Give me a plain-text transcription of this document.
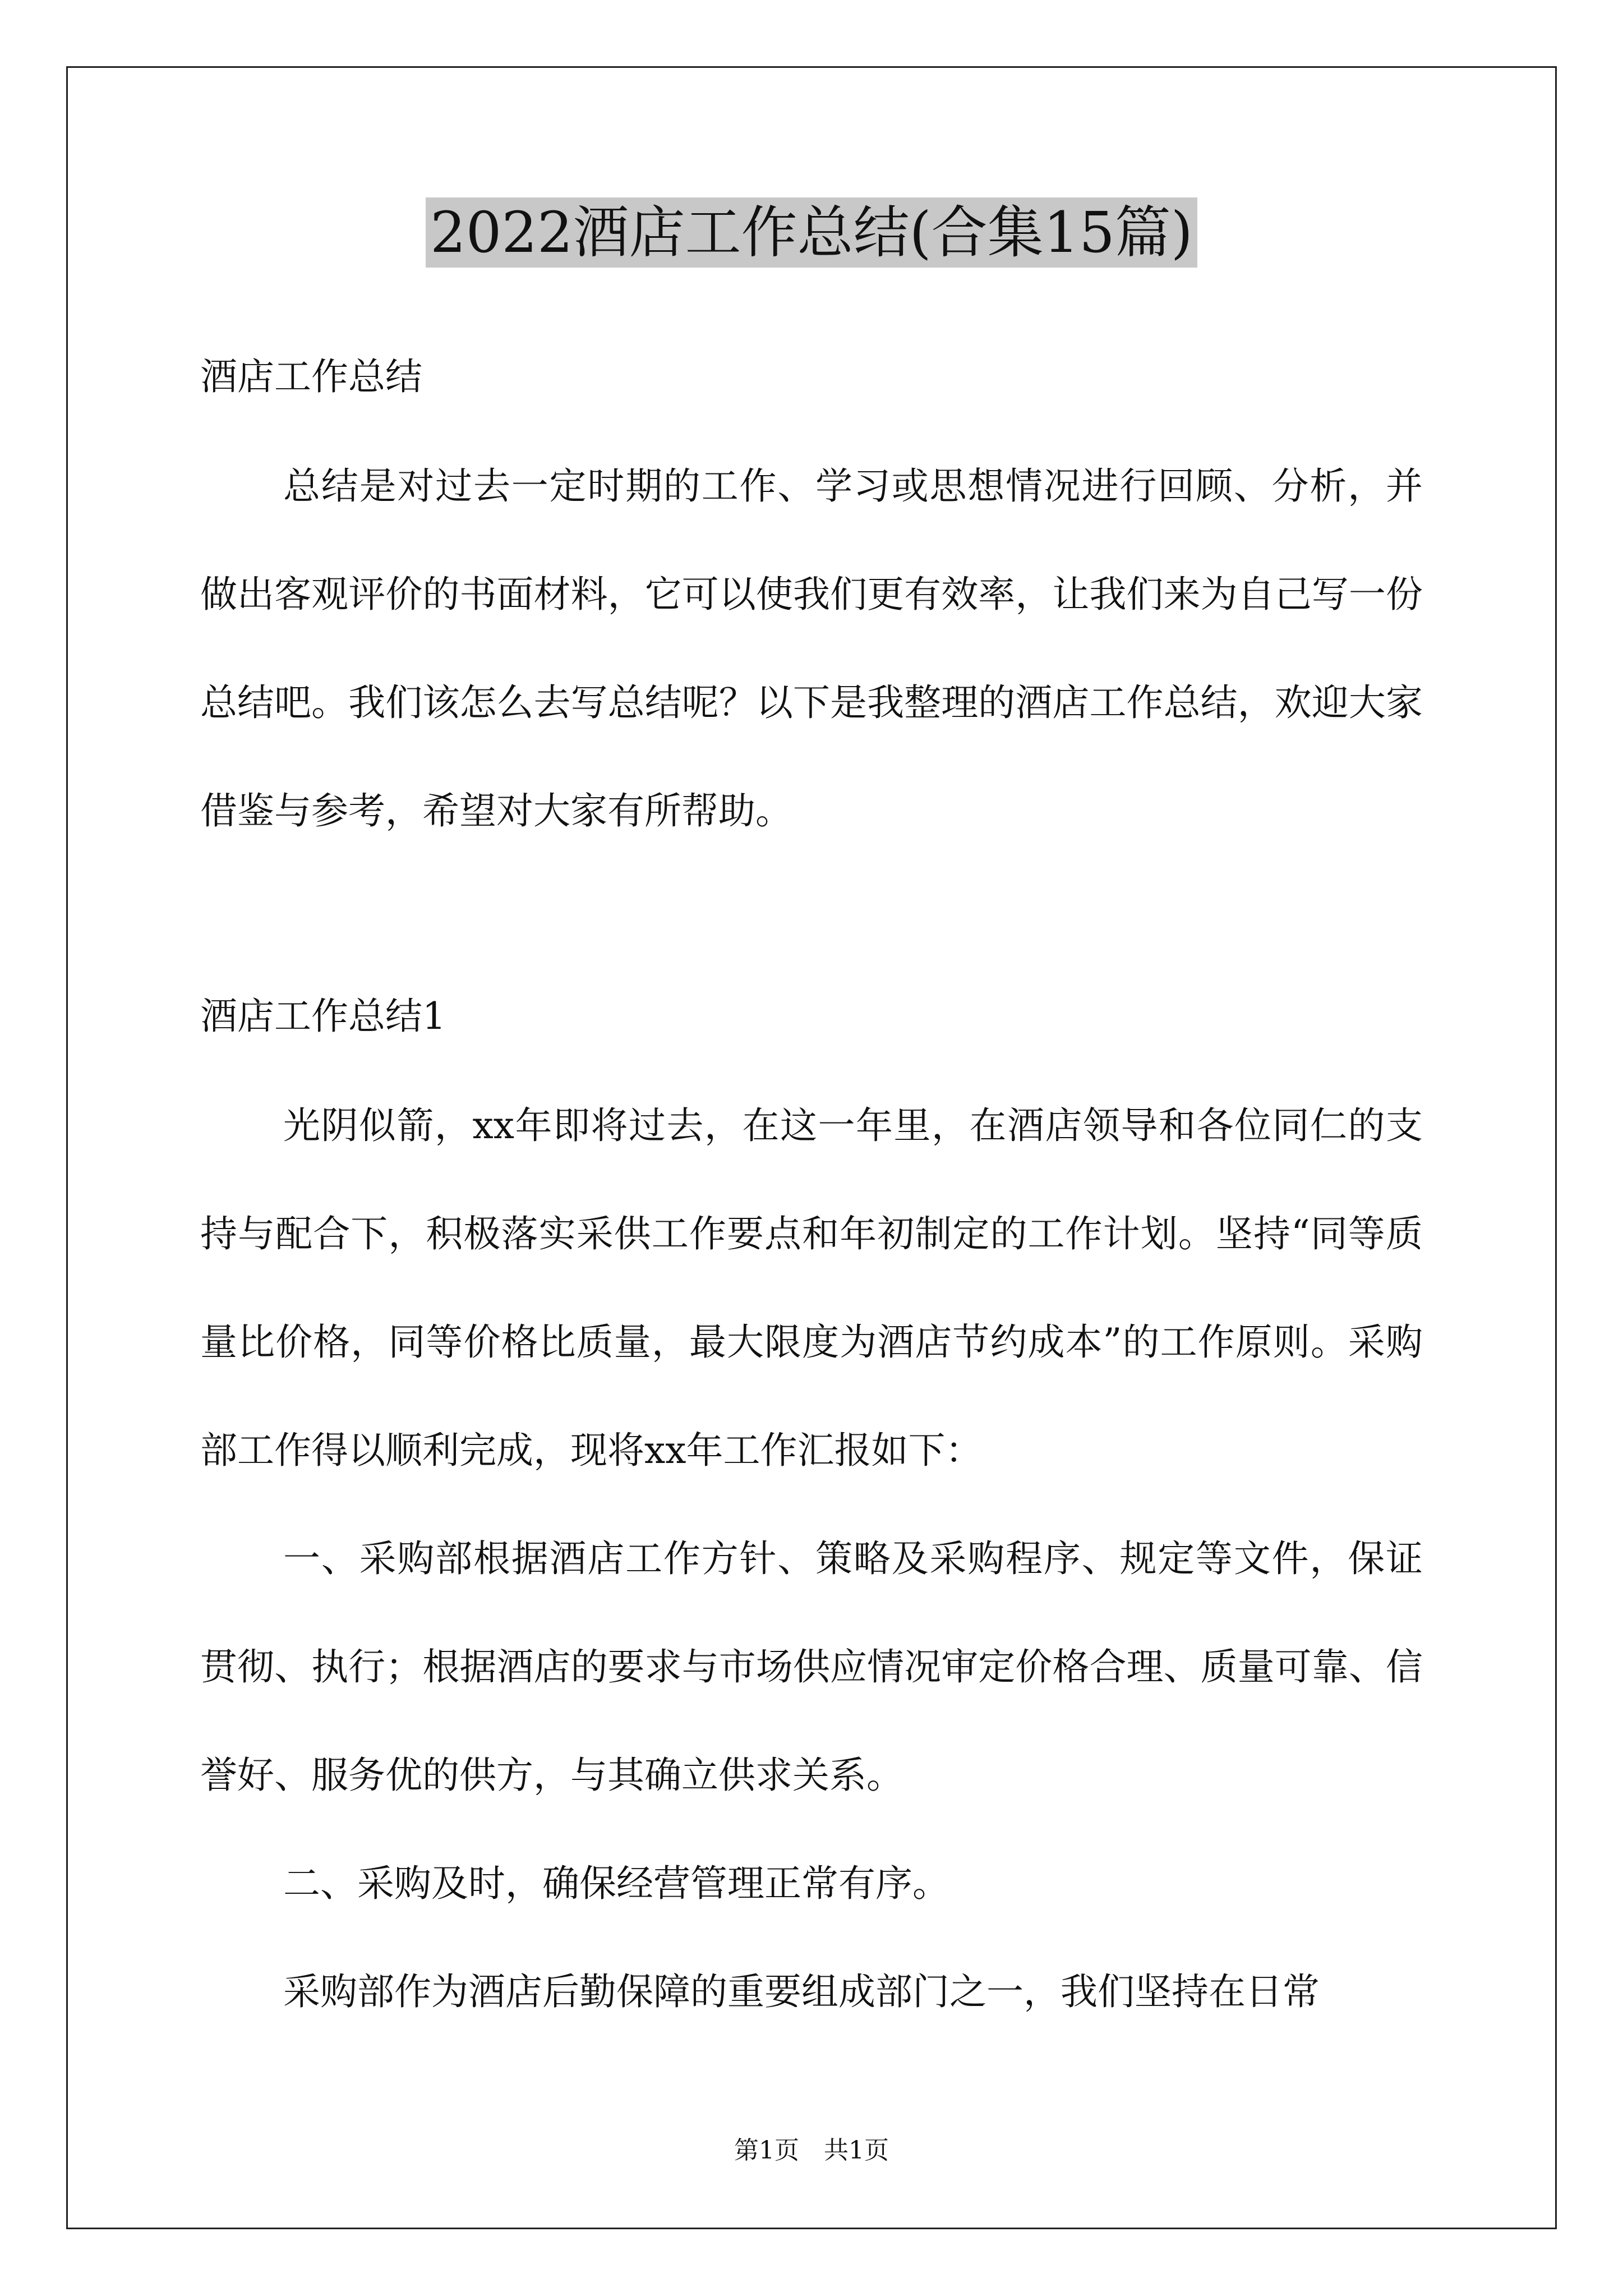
2022酒店工作总结(合集15篇)
酒店工作总结

总结是对过去一定时期的工作、学习或思想情况进行回顾、分析，并做出客观评价的书面材料，它可以使我们更有效率，让我们来为自己写一份总结吧。我们该怎么去写总结呢？以下是我整理的酒店工作总结，欢迎大家借鉴与参考，希望对大家有所帮助。

酒店工作总结1

光阴似箭，xx年即将过去，在这一年里，在酒店领导和各位同仁的支持与配合下，积极落实采供工作要点和年初制定的工作计划。坚持“同等质量比价格，同等价格比质量，最大限度为酒店节约成本”的工作原则。采购部工作得以顺利完成，现将xx年工作汇报如下：

一、采购部根据酒店工作方针、策略及采购程序、规定等文件，保证贯彻、执行；根据酒店的要求与市场供应情况审定价格合理、质量可靠、信誉好、服务优的供方，与其确立供求关系。

二、采购及时，确保经营管理正常有序。

采购部作为酒店后勤保障的重要组成部门之一，我们坚持在日常

第1页 共1页
